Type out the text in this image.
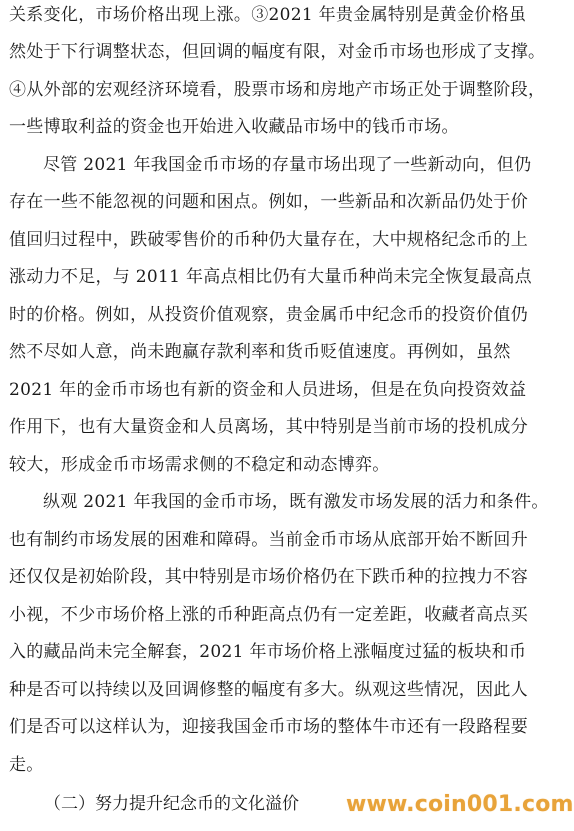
关系变化，市场价格出现上涨。③2021 年贵金属特别是黄金价格虽
然处于下行调整状态，但回调的幅度有限，对金币市场也形成了支撑。
④从外部的宏观经济环境看，股票市场和房地产市场正处于调整阶段，
一些博取利益的资金也开始进入收藏品市场中的钱币市场。
尽管 2021 年我国金币市场的存量市场出现了一些新动向，但仍
存在一些不能忽视的问题和困点。例如，一些新品和次新品仍处于价
值回归过程中，跌破零售价的币种仍大量存在，大中规格纪念币的上
涨动力不足，与 2011 年高点相比仍有大量币种尚未完全恢复最高点
时的价格。例如，从投资价值观察，贵金属币中纪念币的投资价值仍
然不尽如人意，尚未跑赢存款利率和货币贬值速度。再例如，虽然
2021 年的金币市场也有新的资金和人员进场，但是在负向投资效益
作用下，也有大量资金和人员离场，其中特别是当前市场的投机成分
较大，形成金币市场需求侧的不稳定和动态博弈。
纵观 2021 年我国的金币市场，既有激发市场发展的活力和条件。
也有制约市场发展的困难和障碍。当前金币市场从底部开始不断回升
还仅仅是初始阶段，其中特别是市场价格仍在下跌币种的拉拽力不容
小视，不少市场价格上涨的币种距高点仍有一定差距，收藏者高点买
入的藏品尚未完全解套，2021 年市场价格上涨幅度过猛的板块和币
种是否可以持续以及回调修整的幅度有多大。纵观这些情况，因此人
们是否可以这样认为，迎接我国金币市场的整体牛市还有一段路程要
走。
（二）努力提升纪念币的文化溢价 www.coin001.com
